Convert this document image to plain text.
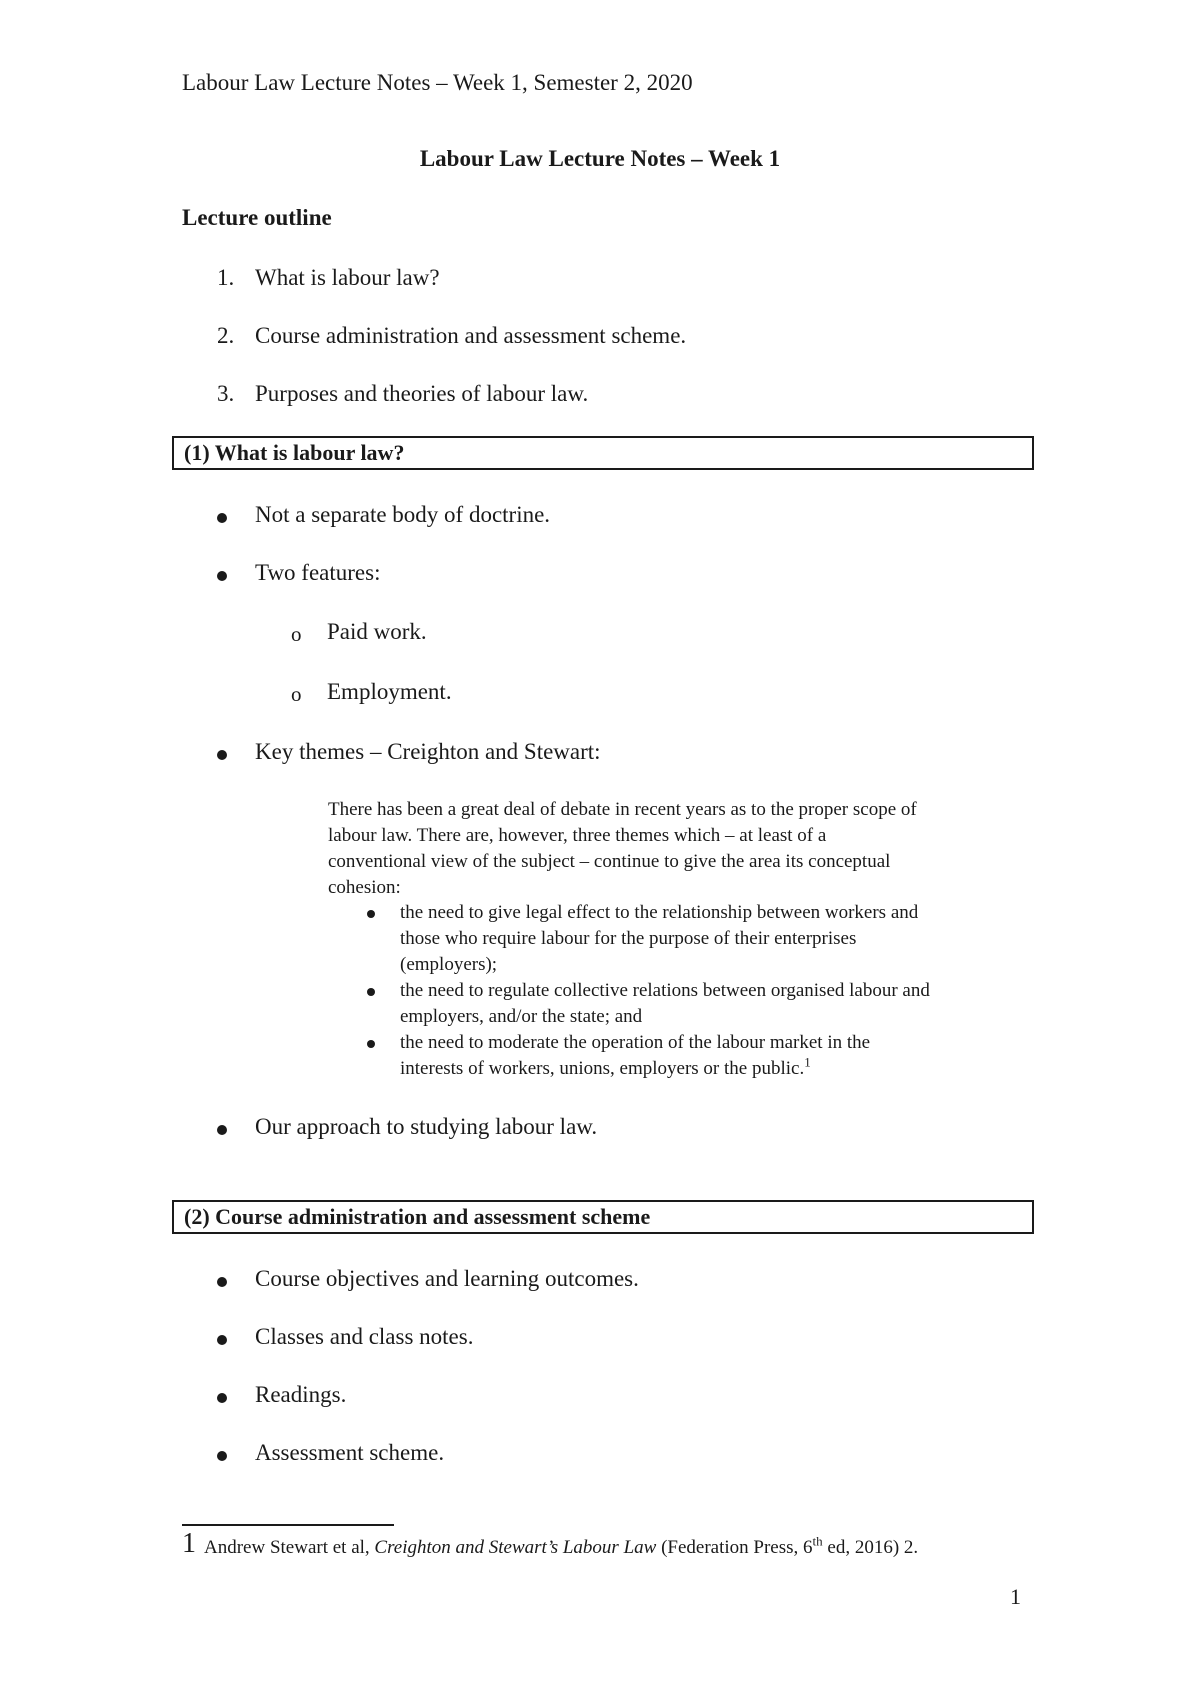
Labour Law Lecture Notes – Week 1, Semester 2, 2020
Labour Law Lecture Notes – Week 1
Lecture outline
1. What is labour law?
2. Course administration and assessment scheme.
3. Purposes and theories of labour law.
(1) What is labour law?
Not a separate body of doctrine.
Two features:
o Paid work.
o Employment.
Key themes – Creighton and Stewart:
There has been a great deal of debate in recent years as to the proper scope of
labour law. There are, however, three themes which – at least of a
conventional view of the subject – continue to give the area its conceptual
cohesion:
the need to give legal effect to the relationship between workers and
those who require labour for the purpose of their enterprises
(employers);
the need to regulate collective relations between organised labour and
employers, and/or the state; and
the need to moderate the operation of the labour market in the
interests of workers, unions, employers or the public.$^1$
Our approach to studying labour law.
(2) Course administration and assessment scheme
Course objectives and learning outcomes.
Classes and class notes.
Readings.
Assessment scheme.
1 Andrew Stewart et al, Creighton and Stewart’s Labour Law (Federation Press, 6th ed, 2016) 2.
1
